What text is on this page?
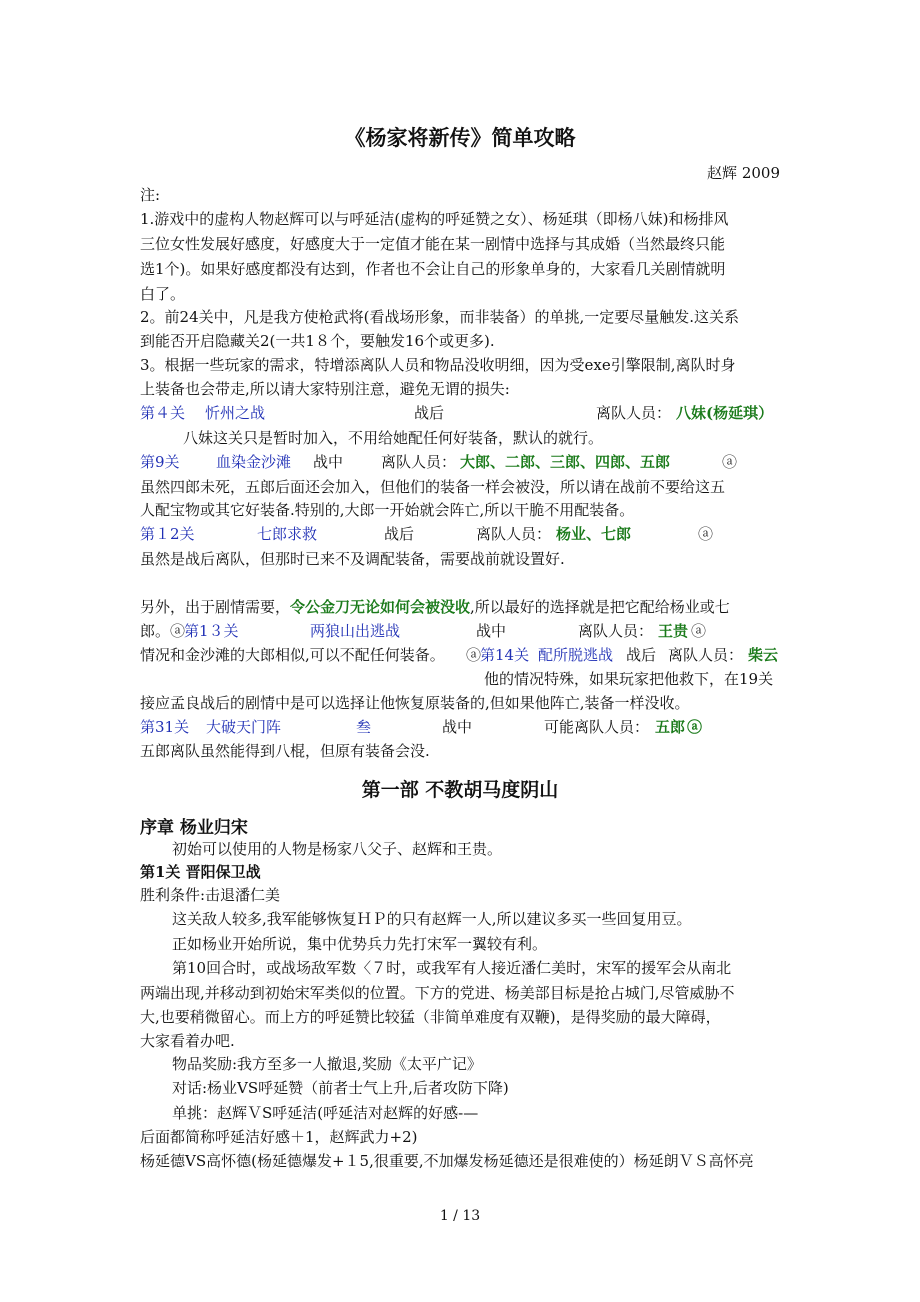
《杨家将新传》简单攻略
赵辉 2009
注:
1.游戏中的虚构人物赵辉可以与呼延洁(虚构的呼延赞之女）、杨延琪（即杨八妹)和杨排风
三位女性发展好感度，好感度大于一定值才能在某一剧情中选择与其成婚（当然最终只能
选1个)。如果好感度都没有达到，作者也不会让自己的形象单身的，大家看几关剧情就明
白了。
2。前24关中，凡是我方使枪武将(看战场形象，而非装备）的单挑,一定要尽量触发.这关系
到能否开启隐藏关2(一共1８个，要触发16个或更多).
3。根据一些玩家的需求，特增添离队人员和物品没收明细，因为受exe引擎限制,离队时身
上装备也会带走,所以请大家特别注意，避免无谓的损失:
第４关 忻州之战	战后	离队人员： 八妹(杨延琪）
八妹这关只是暂时加入，不用给她配任何好装备，默认的就行。
第9关 血染金沙滩 战中	离队人员： 大郎、二郎、三郎、四郎、五郎	ⓐ
虽然四郎未死，五郎后面还会加入，但他们的装备一样会被没，所以请在战前不要给这五
人配宝物或其它好装备.特别的,大郎一开始就会阵亡,所以干脆不用配装备。
第１2关	七郎求救	战后	离队人员： 杨业、七郎	ⓐ
虽然是战后离队，但那时已来不及调配装备，需要战前就设置好.
另外，出于剧情需要，令公金刀无论如何会被没收,所以最好的选择就是把它配给杨业或七
郎。 ⓐ
第1３关	两狼山出逃战	战中	离队人员： 王贵 ⓐ
情况和金沙滩的大郎相似,可以不配任何装备。 ⓐ
第14关 配所脱逃战 战后 离队人员： 柴云
他的情况特殊，如果玩家把他救下，在19关
接应孟良战后的剧情中是可以选择让他恢复原装备的,但如果他阵亡,装备一样没收。
第31关 大破天门阵	叁	战中	可能离队人员： 五郎 ⓐ
五郎离队虽然能得到八棍，但原有装备会没.
第一部 不教胡马度阴山
序章 杨业归宋
初始可以使用的人物是杨家八父子、赵辉和王贵。
第1关 晋阳保卫战
胜利条件:击退潘仁美
这关敌人较多,我军能够恢复ＨＰ的只有赵辉一人,所以建议多买一些回复用豆。
正如杨业开始所说，集中优势兵力先打宋军一翼较有利。
第10回合时，或战场敌军数〈７时，或我军有人接近潘仁美时，宋军的援军会从南北
两端出现,并移动到初始宋军类似的位置。下方的党进、杨美部目标是抢占城门,尽管威胁不
大,也要稍微留心。而上方的呼延赞比较猛（非简单难度有双鞭)，是得奖励的最大障碍，
大家看着办吧.
物品奖励:我方至多一人撤退,奖励《太平广记》
对话:杨业VS呼延赞（前者士气上升,后者攻防下降)
单挑：赵辉ＶS呼延洁(呼延洁对赵辉的好感-—
后面都简称呼延洁好感＋1，赵辉武力+2)
杨延德VS高怀德(杨延德爆发+１5,很重要,不加爆发杨延德还是很难使的）杨延朗ＶＳ高怀亮
1 / 13
